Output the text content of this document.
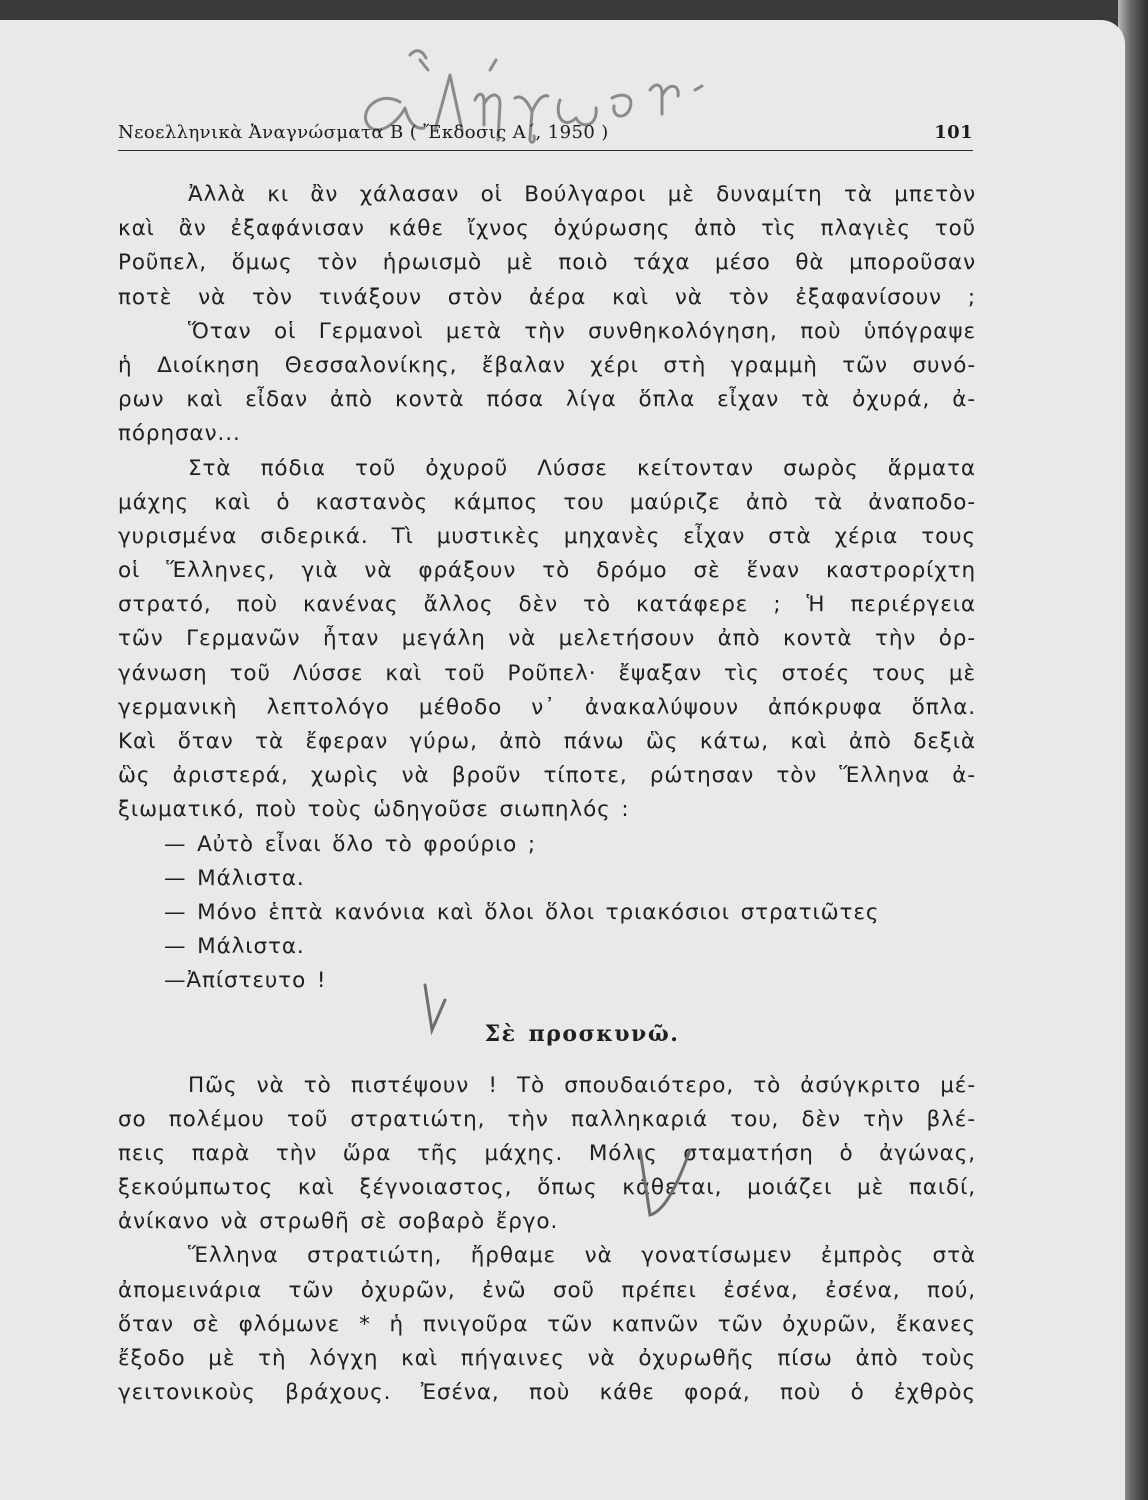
Νεοελληνικὰ Ἀναγνώσματα Β ( Ἔκδοσις Α΄, 1950 )	101
Ἀλλὰ κι ἂν χάλασαν οἱ Βούλγαροι μὲ δυναμίτη τὰ μπετὸν
καὶ ἂν ἐξαφάνισαν κάθε ἴχνος ὀχύρωσης ἀπὸ τὶς πλαγιὲς τοῦ
Ροῦπελ, ὅμως τὸν ἡρωισμὸ μὲ ποιὸ τάχα μέσο θὰ μποροῦσαν
ποτὲ νὰ τὸν τινάξουν στὸν ἀέρα καὶ νὰ τὸν ἐξαφανίσουν ;
Ὅταν οἱ Γερμανοὶ μετὰ τὴν συνθηκολόγηση, ποὺ ὑπόγραψε
ἡ Διοίκηση Θεσσαλονίκης, ἔβαλαν χέρι στὴ γραμμὴ τῶν συνό-
ρων καὶ εἶδαν ἀπὸ κοντὰ πόσα λίγα ὅπλα εἶχαν τὰ ὀχυρά, ἀ-
πόρησαν...
Στὰ πόδια τοῦ ὀχυροῦ Λύσσε κείτονταν σωρὸς ἅρματα
μάχης καὶ ὁ καστανὸς κάμπος του μαύριζε ἀπὸ τὰ ἀναποδο-
γυρισμένα σιδερικά. Τὶ μυστικὲς μηχανὲς εἶχαν στὰ χέρια τους
οἱ Ἕλληνες, γιὰ νὰ φράξουν τὸ δρόμο σὲ ἕναν καστρορίχτη
στρατό, ποὺ κανένας ἄλλος δὲν τὸ κατάφερε ; Ἡ περιέργεια
τῶν Γερμανῶν ἦταν μεγάλη νὰ μελετήσουν ἀπὸ κοντὰ τὴν ὀρ-
γάνωση τοῦ Λύσσε καὶ τοῦ Ροῦπελ· ἔψαξαν τὶς στοές τους μὲ
γερμανικὴ λεπτολόγο μέθοδο ν᾽ ἀνακαλύψουν ἀπόκρυφα ὅπλα.
Καὶ ὅταν τὰ ἔφεραν γύρω, ἀπὸ πάνω ὣς κάτω, καὶ ἀπὸ δεξιὰ
ὣς ἀριστερά, χωρὶς νὰ βροῦν τίποτε, ρώτησαν τὸν Ἕλληνα ἀ-
ξιωματικό, ποὺ τοὺς ὡδηγοῦσε σιωπηλός :
— Αὐτὸ εἶναι ὅλο τὸ φρούριο ;
— Μάλιστα.
— Μόνο ἑπτὰ κανόνια καὶ ὅλοι ὅλοι τριακόσιοι στρατιῶτες
— Μάλιστα.
—Ἀπίστευτο !
Σὲ προσκυνῶ.
Πῶς νὰ τὸ πιστέψουν ! Τὸ σπουδαιότερο, τὸ ἀσύγκριτο μέ-
σο πολέμου τοῦ στρατιώτη, τὴν παλληκαριά του, δὲν τὴν βλέ-
πεις παρὰ τὴν ὥρα τῆς μάχης. Μόλις σταματήση ὁ ἀγώνας,
ξεκούμπωτος καὶ ξέγνοιαστος, ὅπως κάθεται, μοιάζει μὲ παιδί,
ἀνίκανο νὰ στρωθῆ σὲ σοβαρὸ ἔργο.
Ἕλληνα στρατιώτη, ἤρθαμε νὰ γονατίσωμεν ἐμπρὸς στὰ
ἀπομεινάρια τῶν ὀχυρῶν, ἐνῶ σοῦ πρέπει ἐσένα, ἐσένα, πού,
ὅταν σὲ φλόμωνε * ἡ πνιγοῦρα τῶν καπνῶν τῶν ὀχυρῶν, ἔκανες
ἔξοδο μὲ τὴ λόγχη καὶ πήγαινες νὰ ὀχυρωθῆς πίσω ἀπὸ τοὺς
γειτονικοὺς βράχους. Ἐσένα, ποὺ κάθε φορά, ποὺ ὁ ἐχθρὸς
